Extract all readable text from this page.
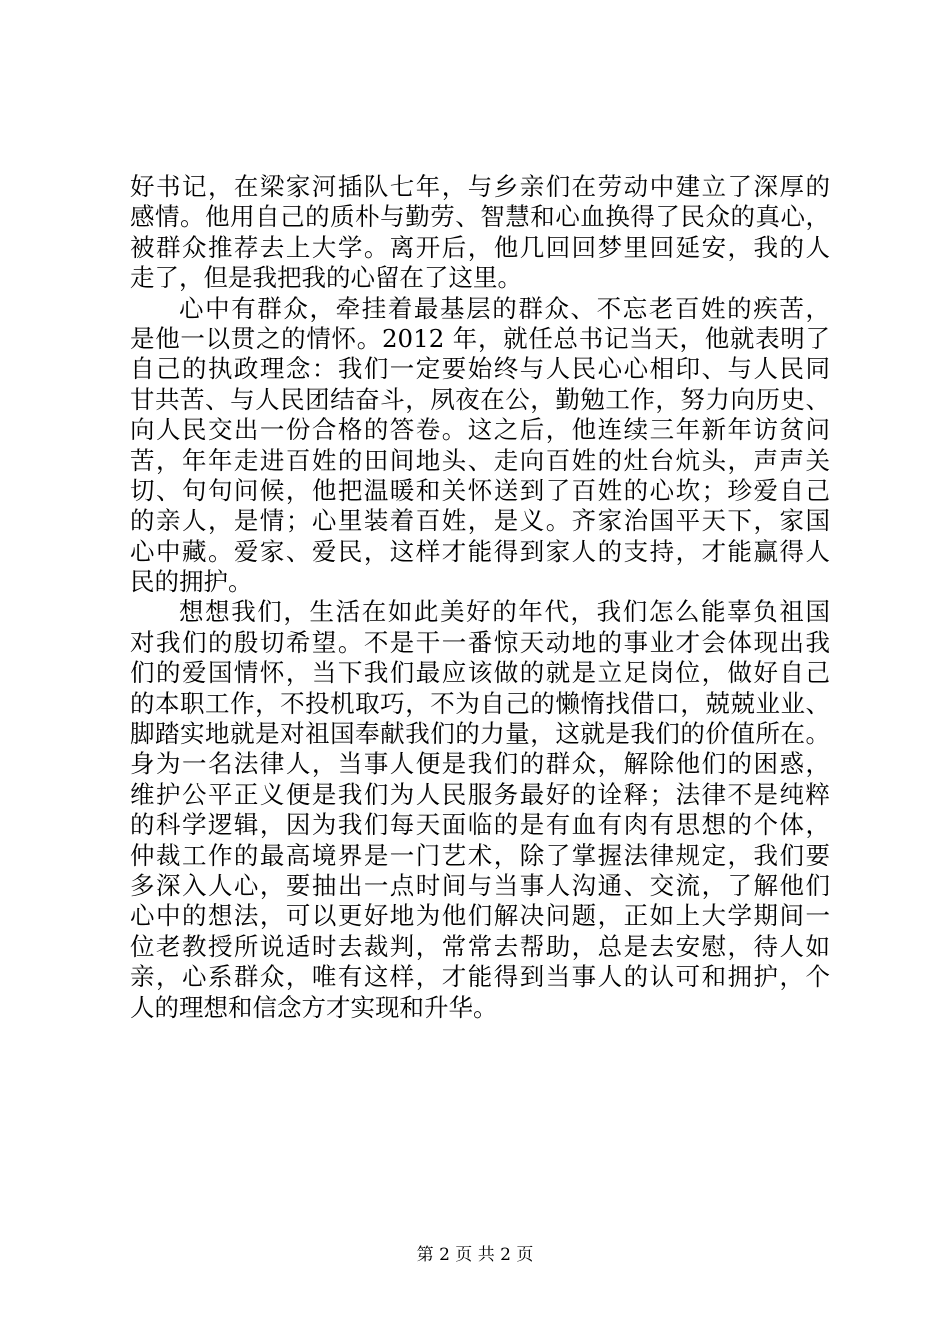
好书记，在梁家河插队七年，与乡亲们在劳动中建立了深厚的
感情。他用自己的质朴与勤劳、智慧和心血换得了民众的真心，
被群众推荐去上大学。离开后，他几回回梦里回延安，我的人
走了，但是我把我的心留在了这里。
心中有群众，牵挂着最基层的群众、不忘老百姓的疾苦，
是他一以贯之的情怀。2012 年，就任总书记当天，他就表明了
自己的执政理念：我们一定要始终与人民心心相印、与人民同
甘共苦、与人民团结奋斗，夙夜在公，勤勉工作，努力向历史、
向人民交出一份合格的答卷。这之后，他连续三年新年访贫问
苦，年年走进百姓的田间地头、走向百姓的灶台炕头，声声关
切、句句问候，他把温暖和关怀送到了百姓的心坎；珍爱自己
的亲人，是情；心里装着百姓，是义。齐家治国平天下，家国
心中藏。爱家、爱民，这样才能得到家人的支持，才能赢得人
民的拥护。
想想我们，生活在如此美好的年代，我们怎么能辜负祖国
对我们的殷切希望。不是干一番惊天动地的事业才会体现出我
们的爱国情怀，当下我们最应该做的就是立足岗位，做好自己
的本职工作，不投机取巧，不为自己的懒惰找借口，兢兢业业、
脚踏实地就是对祖国奉献我们的力量，这就是我们的价值所在。
身为一名法律人，当事人便是我们的群众，解除他们的困惑，
维护公平正义便是我们为人民服务最好的诠释；法律不是纯粹
的科学逻辑，因为我们每天面临的是有血有肉有思想的个体，
仲裁工作的最高境界是一门艺术，除了掌握法律规定，我们要
多深入人心，要抽出一点时间与当事人沟通、交流，了解他们
心中的想法，可以更好地为他们解决问题，正如上大学期间一
位老教授所说适时去裁判，常常去帮助，总是去安慰，待人如
亲，心系群众，唯有这样，才能得到当事人的认可和拥护，个
人的理想和信念方才实现和升华。
第 2 页 共 2 页
